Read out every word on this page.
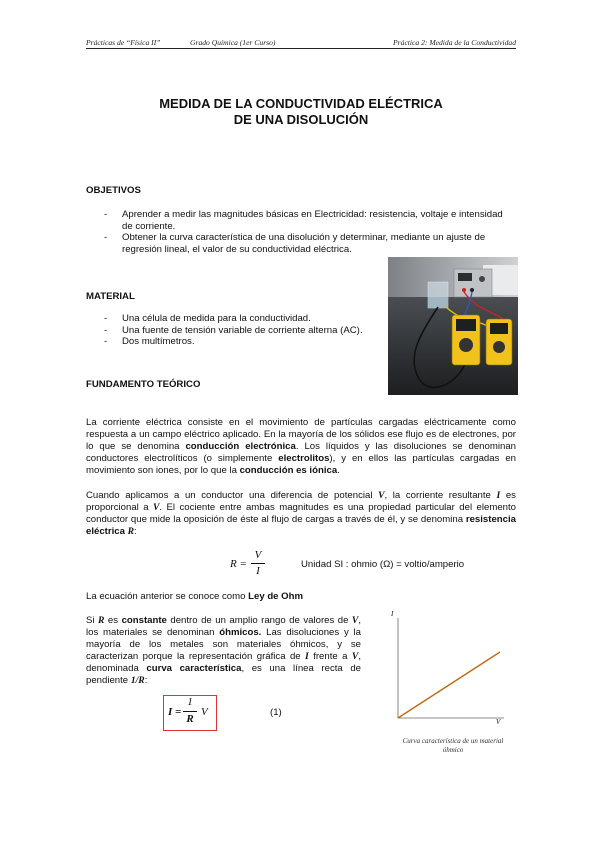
Prácticas de “Física II”	Grado Química (1er Curso)	Práctica 2: Medida de la Conductividad
MEDIDA DE LA CONDUCTIVIDAD ELÉCTRICA
DE UNA DISOLUCIÓN
OBJETIVOS
- Aprender a medir las magnitudes básicas en Electricidad: resistencia, voltaje e intensidad de corriente.
- Obtener la curva característica de una disolución y determinar, mediante un ajuste de regresión lineal, el valor de su conductividad eléctrica.
MATERIAL
- Una célula de medida para la conductividad.
- Una fuente de tensión variable de corriente alterna (AC).
- Dos multímetros.
FUNDAMENTO TEÓRICO

La corriente eléctrica consiste en el movimiento de partículas cargadas eléctricamente como respuesta a un campo eléctrico aplicado. En la mayoría de los sólidos ese flujo es de electrones, por lo que se denomina conducción electrónica. Los líquidos y las disoluciones se denominan conductores electrolíticos (o simplemente electrolitos), y en ellos las partículas cargadas en movimiento son iones, por lo que la conducción es iónica.

Cuando aplicamos a un conductor una diferencia de potencial V, la corriente resultante I es proporcional a V. El cociente entre ambas magnitudes es una propiedad particular del elemento conductor que mide la oposición de éste al flujo de cargas a través de él, y se denomina resistencia eléctrica R:

R =
V
I
Unidad SI : ohmio (Ω) = voltio/amperio

La ecuación anterior se conoce como Ley de Ohm

Si R es constante dentro de un amplio rango de valores de V, los materiales se denominan óhmicos. Las disoluciones y la mayoría de los metales son materiales óhmicos, y se caracterizan porque la representación gráfica de I frente a V, denominada curva característica, es una línea recta de pendiente 1/R:

I =
1
R
V	(1)
I
V
Curva característica de un material óhmico
